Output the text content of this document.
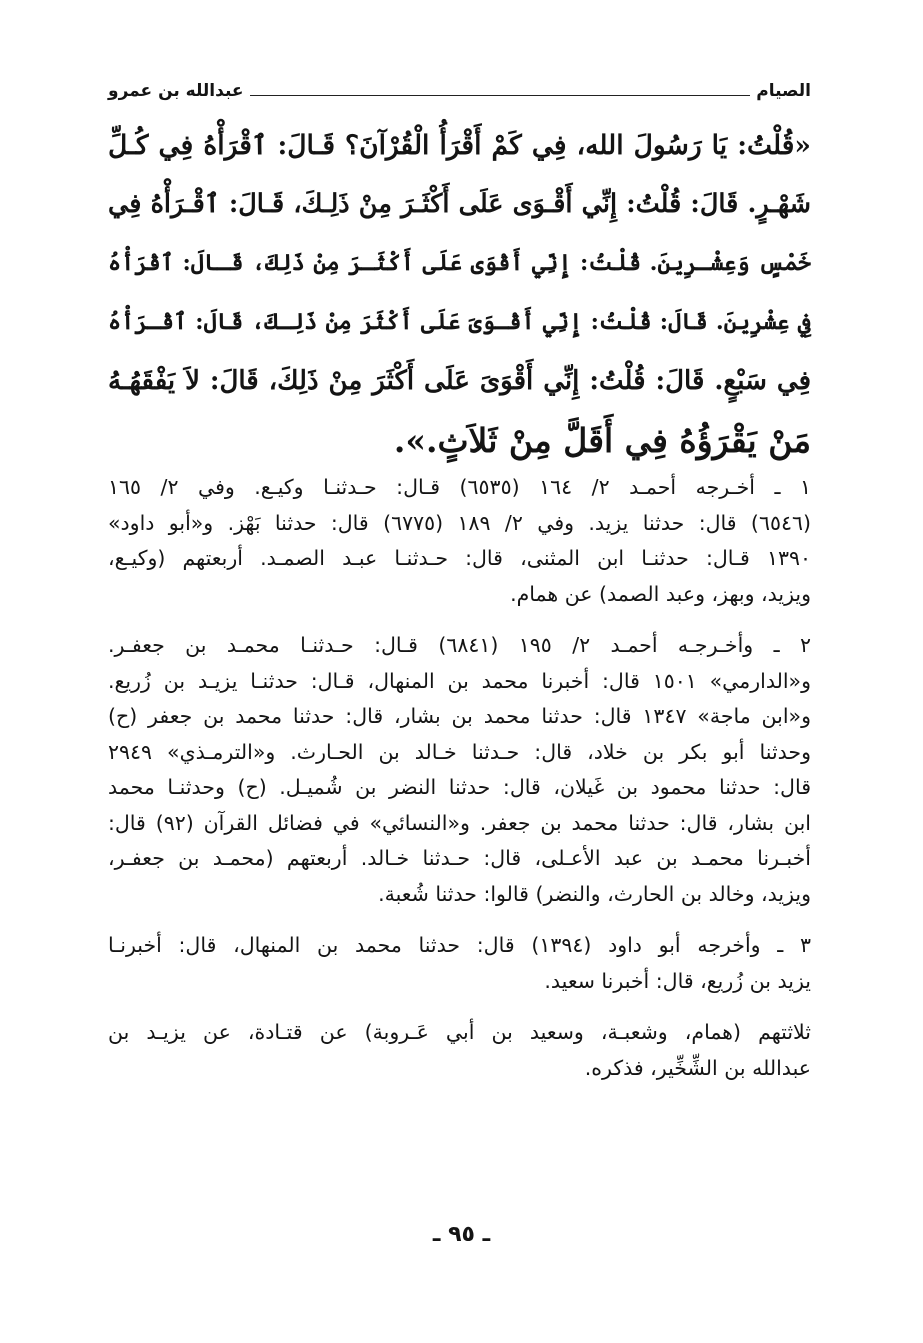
الصيام
عبدالله بن عمرو
«قُلْتُ: يَا رَسُولَ الله، فِي كَمْ أَقْرَأُ الْقُرْآنَ؟ قَـالَ: ٱقْرَأْهُ فِي كُـلِّ
شَهْـرٍ. قَالَ: قُلْتُ: إِنِّي أَقْـوَى عَلَى أَكْثَـرَ مِنْ ذَلِـكَ، قَـالَ: ٱقْـرَأْهُ فِي
خَمْسٍ وَعِشْـرِينَ. قُلْتُ: إِنِّي أَقْوَى عَلَى أَكْثَـرَ مِنْ ذَلِكَ، قَـالَ: ٱقْرَأْهُ
فِي عِشْرِينَ. قَالَ: قُلْتُ: إِنِّي أَقْـوَىَ عَلَى أَكْثَرَ مِنْ ذَلِـكَ، قَالَ: ٱقْـرَأْهُ
فِي سَبْعٍ. قَالَ: قُلْتُ: إِنِّي أَقْوَىَ عَلَى أَكْثَرَ مِنْ ذَلِكَ، قَالَ: لاَ يَفْقَهُـهُ
مَنْ يَقْرَؤُهُ فِي أَقَلَّ مِنْ ثَلاَثٍ.».
١ ـ أخـرجه أحمـد ٢/ ١٦٤ (٦٥٣٥) قـال: حـدثنـا وكيـع. وفي ٢/ ١٦٥
(٦٥٤٦) قال: حدثنا يزيد. وفي ٢/ ١٨٩ (٦٧٧٥) قال: حدثنا بَهْز. و«أبو داود»
١٣٩٠ قـال: حدثنـا ابن المثنى، قال: حـدثنـا عبـد الصمـد. أربعتهم (وكيـع،
ويزيد، وبهز، وعبد الصمد) عن همام.
٢ ـ وأخـرجـه أحمـد ٢/ ١٩٥ (٦٨٤١) قـال: حـدثنـا محمـد بن جعفـر.
و«الدارمي» ١٥٠١ قال: أخبرنا محمد بن المنهال، قـال: حدثنـا يزيـد بن زُريع.
و«ابن ماجة» ١٣٤٧ قال: حدثنا محمد بن بشار، قال: حدثنا محمد بن جعفر (ح)
وحدثنا أبو بكر بن خلاد، قال: حـدثنا خـالد بن الحـارث. و«الترمـذي» ٢٩٤٩
قال: حدثنا محمود بن غَيلان، قال: حدثنا النضر بن شُميـل. (ح) وحدثنـا محمد
ابن بشار، قال: حدثنا محمد بن جعفر. و«النسائي» في فضائل القرآن (٩٢) قال:
أخبـرنا محمـد بن عبد الأعـلى، قال: حـدثنا خـالد. أربعتهم (محمـد بن جعفـر،
ويزيد، وخالد بن الحارث، والنضر) قالوا: حدثنا شُعبة.
٣ ـ وأخرجه أبو داود (١٣٩٤) قال: حدثنا محمد بن المنهال، قال: أخبرنـا
يزيد بن زُريع، قال: أخبرنا سعيد.
ثلاثتهم (همام، وشعبـة، وسعيد بن أبي عَـروبة) عن قتـادة، عن يزيـد بن
عبدالله بن الشِّخِّير، فذكره.
ـ ٩٥ ـ
